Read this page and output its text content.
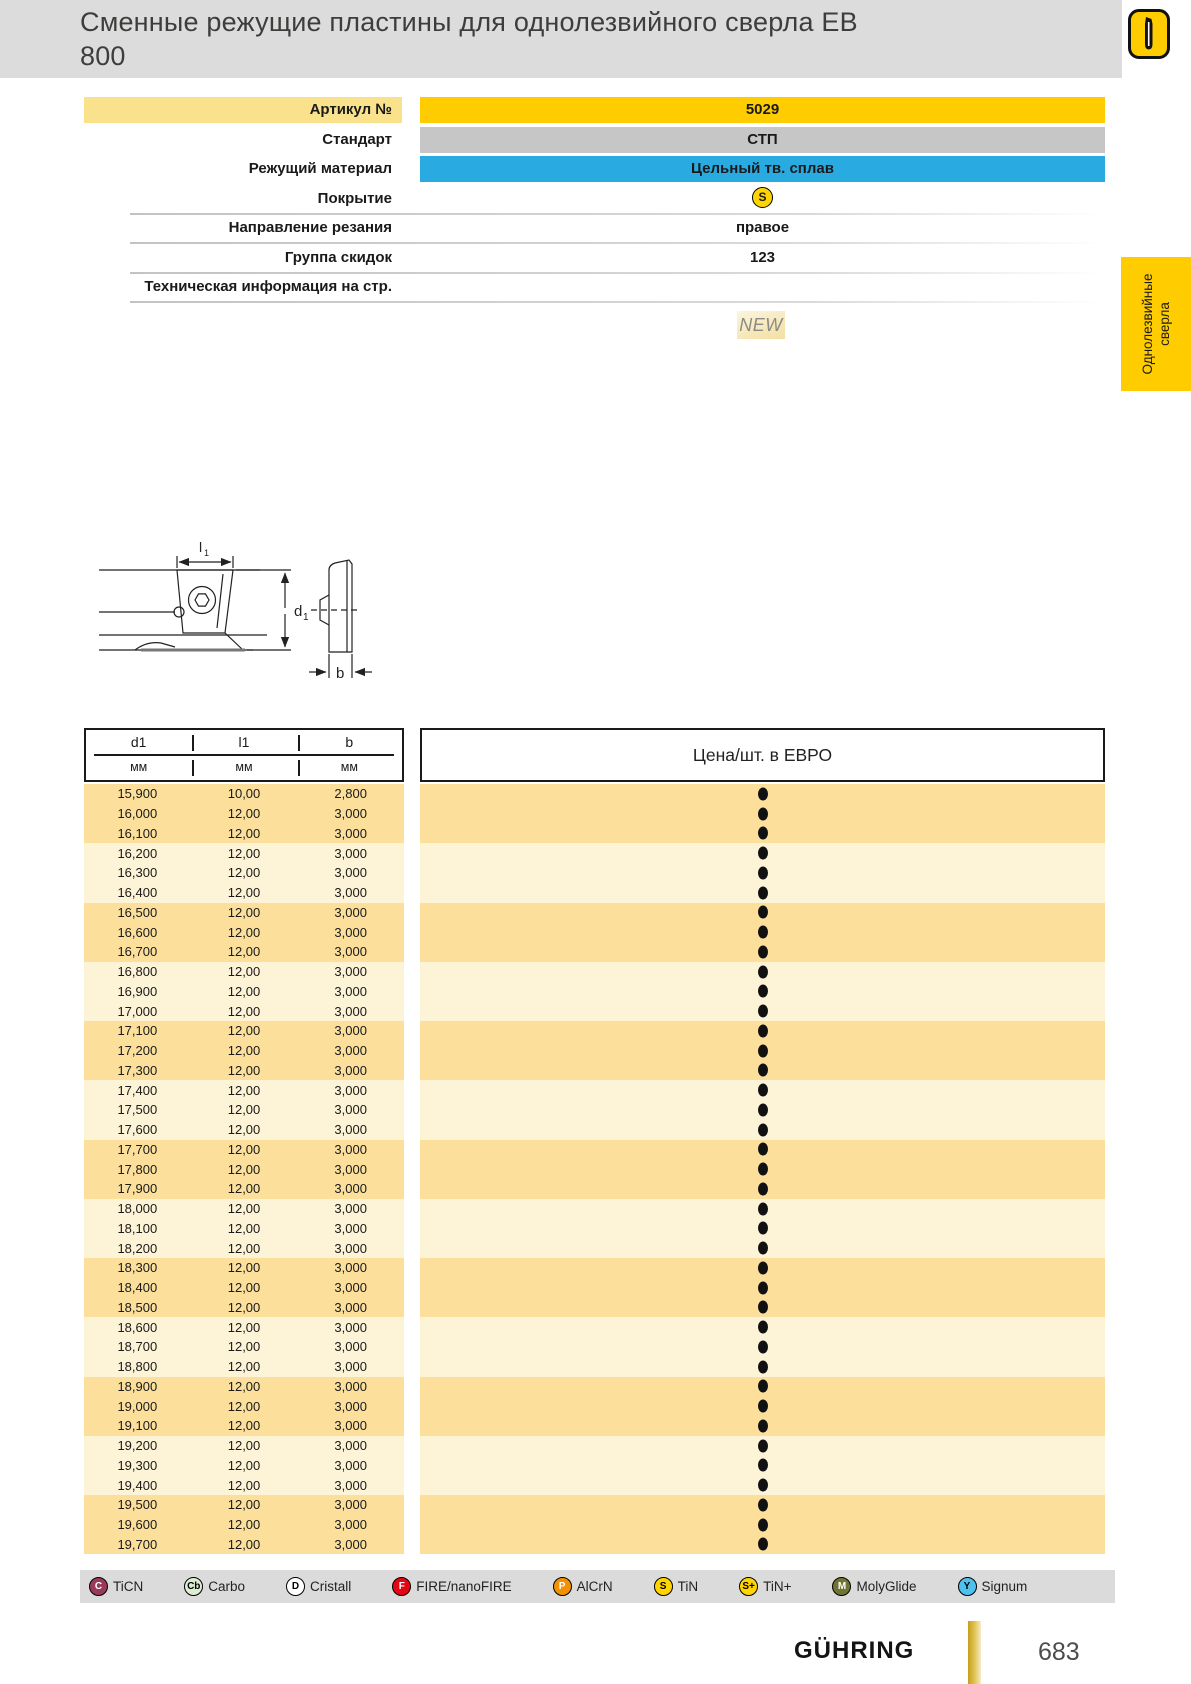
Сменные режущие пластины для однолезвийного сверла EB
800
Однолезвийные сверла
Артикул №	5029
Стандарт	СТП
Режущий материал	Цельный тв. сплав
Покрытие	S
Направление резания	правое
Группа скидок	123
Техническая информация на стр.
NEW
l 1
d 1
b
d1	l1	b
мм	мм	мм
Цена/шт. в ЕВРО
15,900	10,00	2,800
16,000	12,00	3,000
16,100	12,00	3,000
16,200	12,00	3,000
16,300	12,00	3,000
16,400	12,00	3,000
16,500	12,00	3,000
16,600	12,00	3,000
16,700	12,00	3,000
16,800	12,00	3,000
16,900	12,00	3,000
17,000	12,00	3,000
17,100	12,00	3,000
17,200	12,00	3,000
17,300	12,00	3,000
17,400	12,00	3,000
17,500	12,00	3,000
17,600	12,00	3,000
17,700	12,00	3,000
17,800	12,00	3,000
17,900	12,00	3,000
18,000	12,00	3,000
18,100	12,00	3,000
18,200	12,00	3,000
18,300	12,00	3,000
18,400	12,00	3,000
18,500	12,00	3,000
18,600	12,00	3,000
18,700	12,00	3,000
18,800	12,00	3,000
18,900	12,00	3,000
19,000	12,00	3,000
19,100	12,00	3,000
19,200	12,00	3,000
19,300	12,00	3,000
19,400	12,00	3,000
19,500	12,00	3,000
19,600	12,00	3,000
19,700	12,00	3,000
C TiCN	Cb Carbo	D Cristall	F FIRE/nanoFIRE	P AlCrN	S TiN	S+ TiN+	M MolyGlide	Y Signum
GÜHRING	683
